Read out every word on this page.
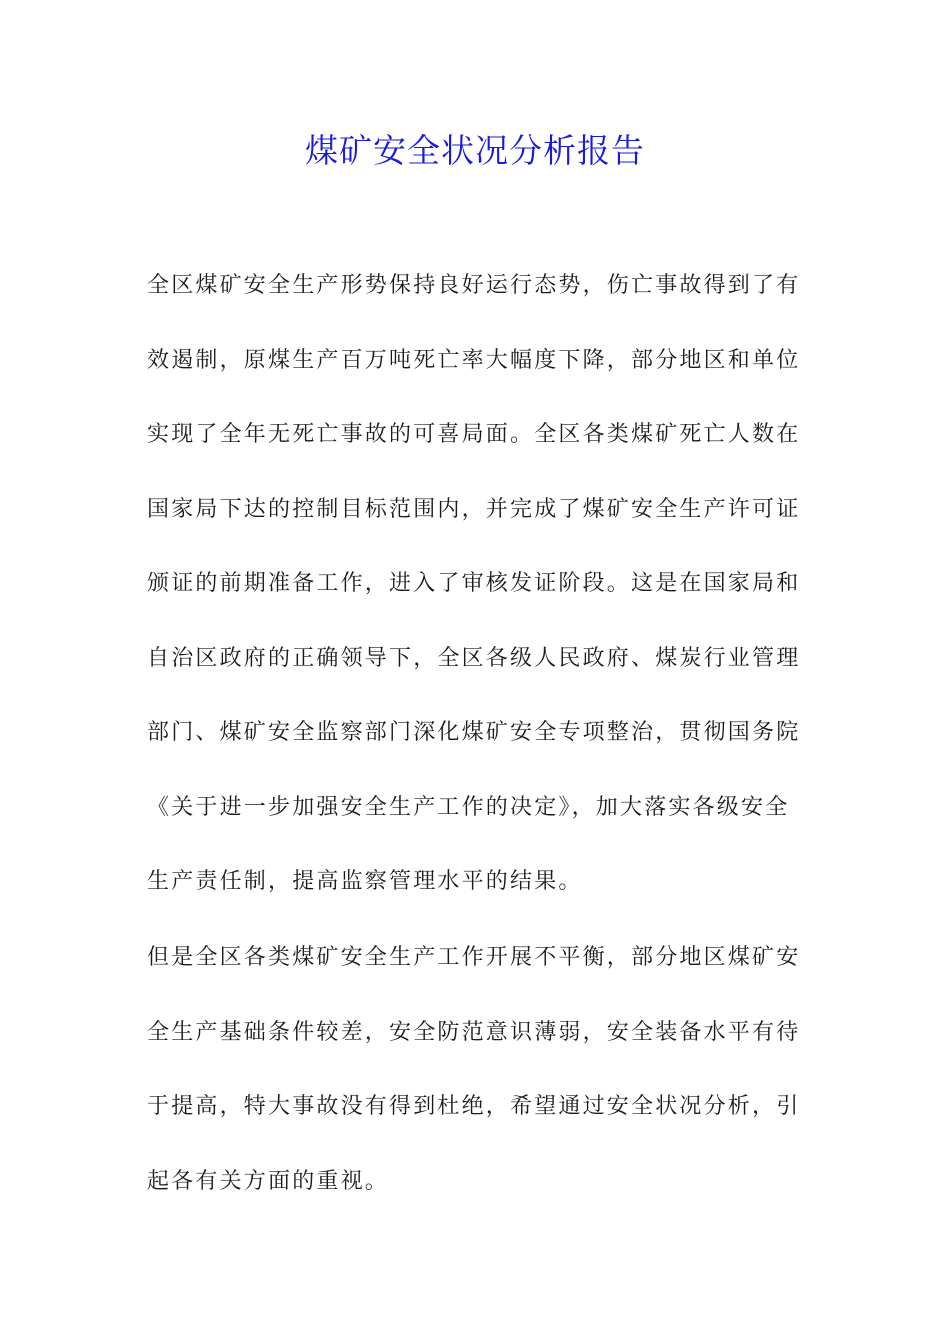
煤矿安全状况分析报告
全区煤矿安全生产形势保持良好运行态势，伤亡事故得到了有
效遏制，原煤生产百万吨死亡率大幅度下降，部分地区和单位
实现了全年无死亡事故的可喜局面。全区各类煤矿死亡人数在
国家局下达的控制目标范围内，并完成了煤矿安全生产许可证
颁证的前期准备工作，进入了审核发证阶段。这是在国家局和
自治区政府的正确领导下，全区各级人民政府、煤炭行业管理
部门、煤矿安全监察部门深化煤矿安全专项整治，贯彻国务院
《关于进一步加强安全生产工作的决定》，加大落实各级安全
生产责任制，提高监察管理水平的结果。
但是全区各类煤矿安全生产工作开展不平衡，部分地区煤矿安
全生产基础条件较差，安全防范意识薄弱，安全装备水平有待
于提高，特大事故没有得到杜绝，希望通过安全状况分析，引
起各有关方面的重视。
